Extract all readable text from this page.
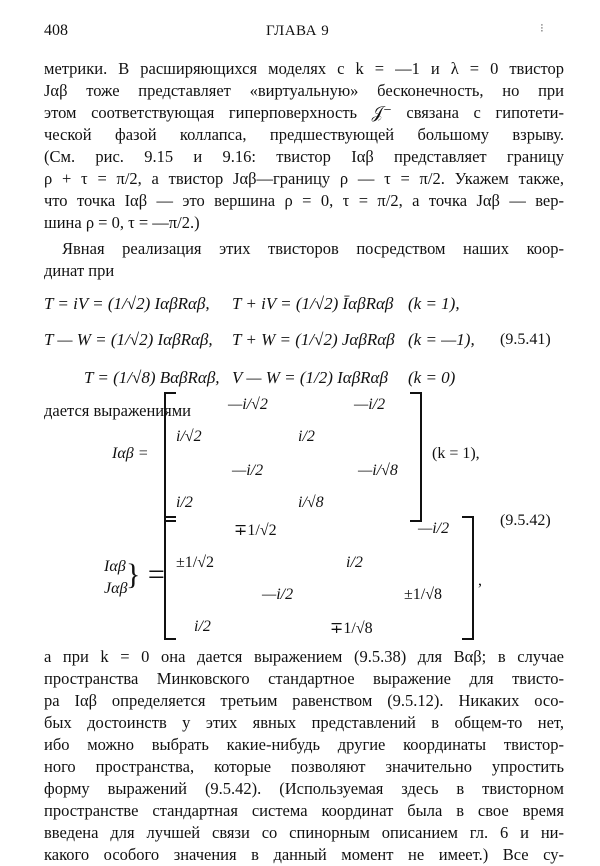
408	ГЛАВА 9	⁝
метрики. В расширяющихся моделях с k = —1 и λ = 0 твистор
Jαβ тоже представляет «виртуальную» бесконечность, но при
этом соответствующая гиперповерхность 𝒥⁻ связана с гипотети-
ческой фазой коллапса, предшествующей большому взрыву.
(См. рис. 9.15 и 9.16: твистор Iαβ представляет границу
ρ + τ = π/2, а твистор Jαβ—границу ρ — τ = π/2. Укажем также,
что точка Iαβ — это вершина ρ = 0, τ = π/2, а точка Jαβ — вер-
шина ρ = 0, τ = —π/2.)
Явная реализация этих твисторов посредством наших коор-
динат при
T = iV = (1/√2) IαβRαβ, T + iV = (1/√2) ĪαβRαβ (k = 1),
T — W = (1/√2) IαβRαβ, T + W = (1/√2) JαβRαβ (k = —1), (9.5.41)
T = (1/√8) BαβRαβ, V — W = (1/2) IαβRαβ (k = 0)
дается выражениями
Iαβ =
—i/√2	—i/2
i/√2	i/2
—i/2	—i/√8
i/2	i/√8
(k = 1),
Iαβ
Jαβ
} =
∓1/√2	—i/2
±1/√2	i/2
—i/2	±1/√8
i/2	∓1/√8
,
(9.5.42)
а при k = 0 она дается выражением (9.5.38) для Bαβ; в случае
пространства Минковского стандартное выражение для твисто-
ра Iαβ определяется третьим равенством (9.5.12). Никаких осо-
бых достоинств у этих явных представлений в общем-то нет,
ибо можно выбрать какие-нибудь другие координаты твистор-
ного пространства, которые позволяют значительно упростить
форму выражений (9.5.42). (Используемая здесь в твисторном
пространстве стандартная система координат была в свое время
введена для лучшей связи со спинорным описанием гл. 6 и ни-
какого особого значения в данный момент не имеет.) Все су-
